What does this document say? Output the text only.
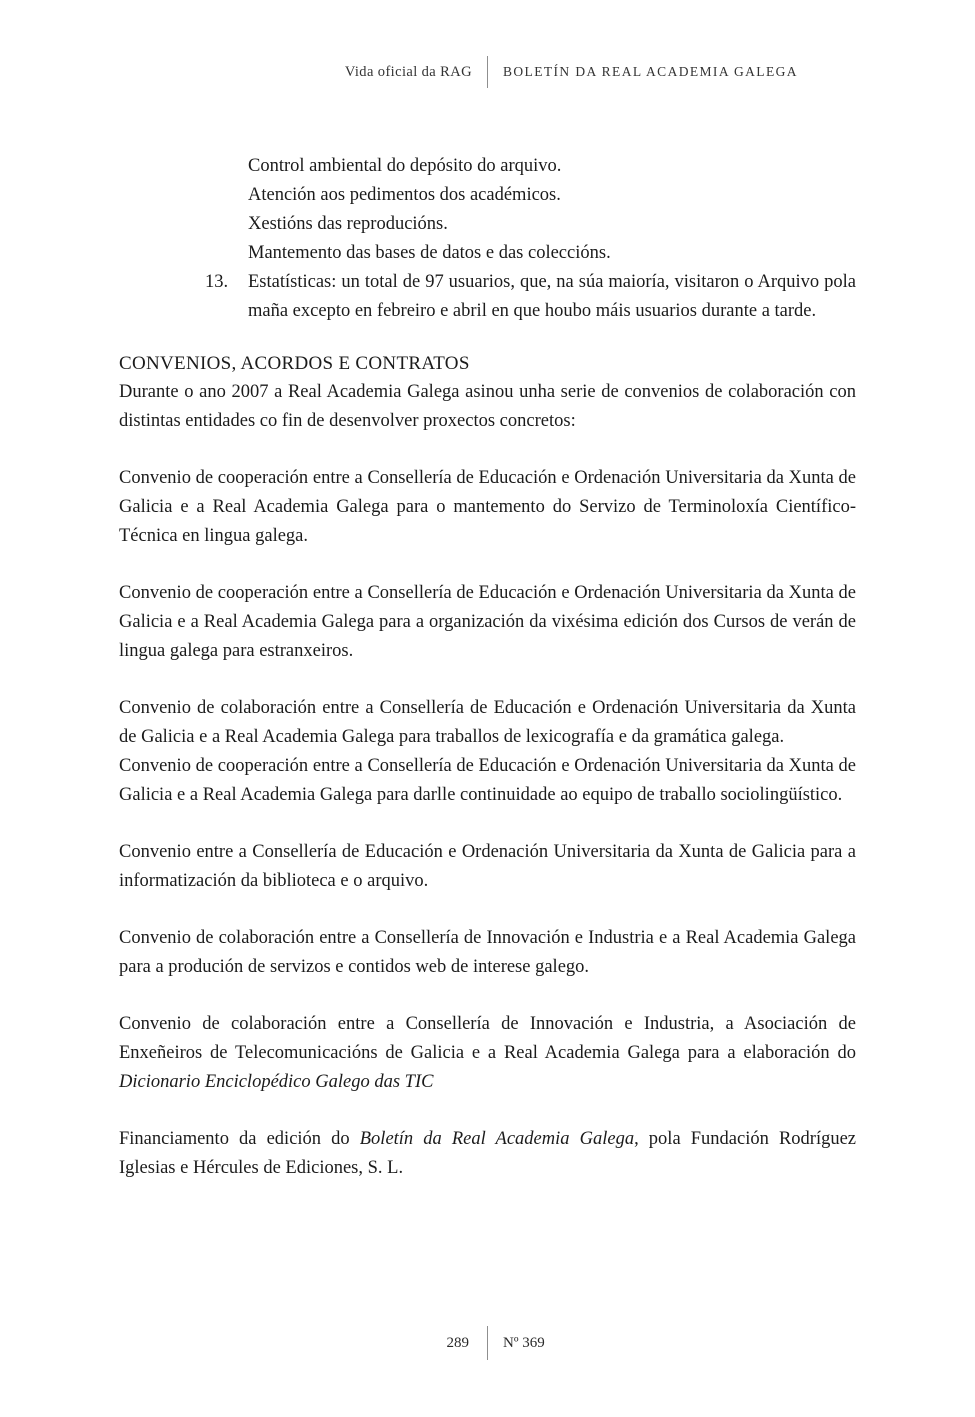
Vida oficial da RAG	BOLETÍN DA REAL ACADEMIA GALEGA
Control ambiental do depósito do arquivo.
Atención aos pedimentos dos académicos.
Xestións das reproducións.
Mantemento das bases de datos e das coleccións.
13. Estatísticas: un total de 97 usuarios, que, na súa maioría, visitaron o Arquivo pola maña excepto en febreiro e abril en que houbo máis usuarios durante a tarde.
CONVENIOS, ACORDOS E CONTRATOS

Durante o ano 2007 a Real Academia Galega asinou unha serie de convenios de colaboración con distintas entidades co fin de desenvolver proxectos concretos:

Convenio de cooperación entre a Consellería de Educación e Ordenación Universitaria da Xunta de Galicia e a Real Academia Galega para o mantemento do Servizo de Terminoloxía Científico-Técnica en lingua galega.

Convenio de cooperación entre a Consellería de Educación e Ordenación Universitaria da Xunta de Galicia e a Real Academia Galega para a organización da vixésima edición dos Cursos de verán de lingua galega para estranxeiros.

Convenio de colaboración entre a Consellería de Educación e Ordenación Universitaria da Xunta de Galicia e a Real Academia Galega para traballos de lexicografía e da gramática galega.

Convenio de cooperación entre a Consellería de Educación e Ordenación Universitaria da Xunta de Galicia e a Real Academia Galega para darlle continuidade ao equipo de traballo sociolingüístico.

Convenio entre a Consellería de Educación e Ordenación Universitaria da Xunta de Galicia para a informatización da biblioteca e o arquivo.

Convenio de colaboración entre a Consellería de Innovación e Industria e a Real Academia Galega para a produción de servizos e contidos web de interese galego.

Convenio de colaboración entre a Consellería de Innovación e Industria, a Asociación de Enxeñeiros de Telecomunicacións de Galicia e a Real Academia Galega para a elaboración do Dicionario Enciclopédico Galego das TIC

Financiamento da edición do Boletín da Real Academia Galega, pola Fundación Rodríguez Iglesias e Hércules de Ediciones, S. L.

289	Nº 369
